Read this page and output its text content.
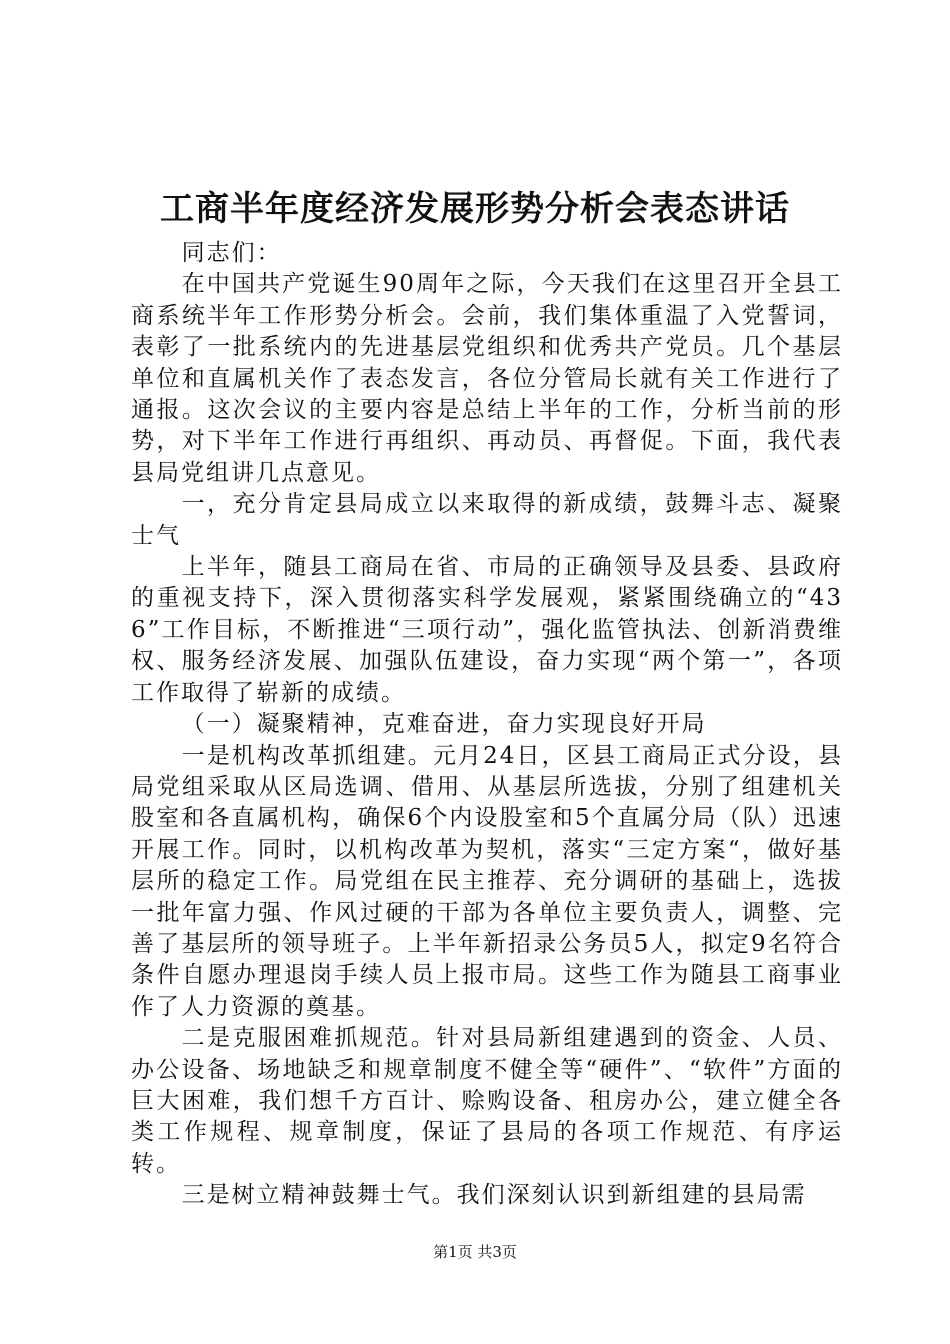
工商半年度经济发展形势分析会表态讲话

同志们：

在中国共产党诞生90周年之际，今天我们在这里召开全县工商系统半年工作形势分析会。会前，我们集体重温了入党誓词，表彰了一批系统内的先进基层党组织和优秀共产党员。几个基层单位和直属机关作了表态发言，各位分管局长就有关工作进行了通报。这次会议的主要内容是总结上半年的工作，分析当前的形势，对下半年工作进行再组织、再动员、再督促。下面，我代表县局党组讲几点意见。

一，充分肯定县局成立以来取得的新成绩，鼓舞斗志、凝聚士气

上半年，随县工商局在省、市局的正确领导及县委、县政府的重视支持下，深入贯彻落实科学发展观，紧紧围绕确立的“436”工作目标，不断推进“三项行动”，强化监管执法、创新消费维权、服务经济发展、加强队伍建设，奋力实现“两个第一”，各项工作取得了崭新的成绩。

（一）凝聚精神，克难奋进，奋力实现良好开局

一是机构改革抓组建。元月24日，区县工商局正式分设，县局党组采取从区局选调、借用、从基层所选拔，分别了组建机关股室和各直属机构，确保6个内设股室和5个直属分局（队）迅速开展工作。同时，以机构改革为契机，落实“三定方案“，做好基层所的稳定工作。局党组在民主推荐、充分调研的基础上，选拔一批年富力强、作风过硬的干部为各单位主要负责人，调整、完善了基层所的领导班子。上半年新招录公务员5人，拟定9名符合条件自愿办理退岗手续人员上报市局。这些工作为随县工商事业作了人力资源的奠基。

二是克服困难抓规范。针对县局新组建遇到的资金、人员、办公设备、场地缺乏和规章制度不健全等“硬件”、“软件”方面的巨大困难，我们想千方百计、赊购设备、租房办公，建立健全各类工作规程、规章制度，保证了县局的各项工作规范、有序运转。

三是树立精神鼓舞士气。我们深刻认识到新组建的县局需

第1页 共3页
